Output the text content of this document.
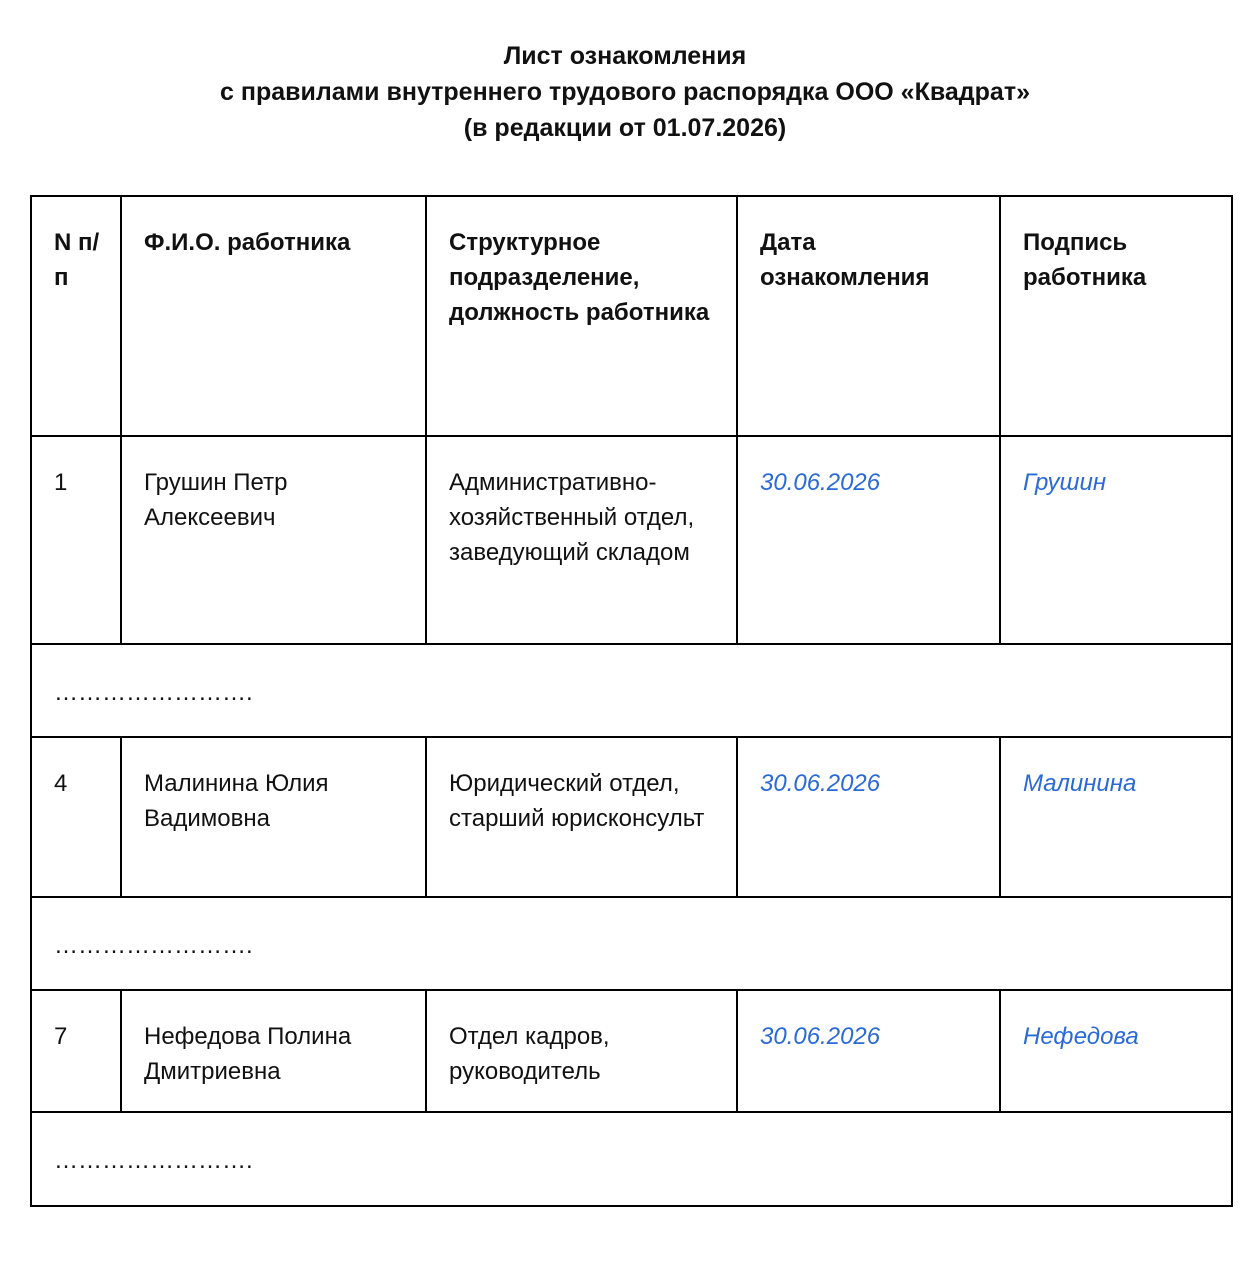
Лист ознакомления
с правилами внутреннего трудового распорядка ООО «Квадрат»
(в редакции от 01.07.2026)
N п/п	Ф.И.О. работника	Структурное подразделение, должность работника	Дата ознакомления	Подпись работника
1	Грушин Петр Алексеевич	Административно-хозяйственный отдел, заведующий складом	30.06.2026	Грушин
…………………….				
4	Малинина Юлия Вадимовна	Юридический отдел, старший юрисконсульт	30.06.2026	Малинина
…………………….				
7	Нефедова Полина Дмитриевна	Отдел кадров, руководитель	30.06.2026	Нефедова
…………………….				
